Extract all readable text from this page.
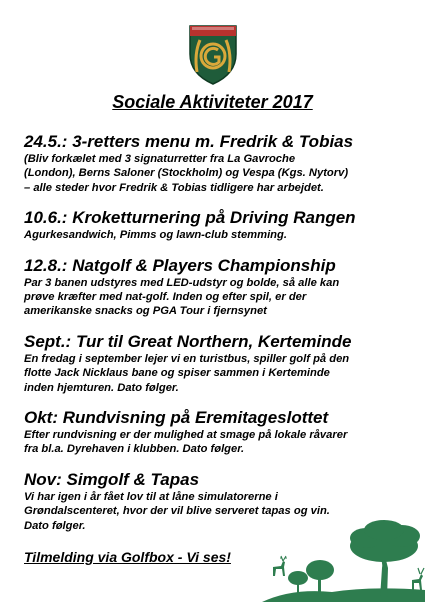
Sociale Aktiviteter 2017
24.5.: 3-retters menu m. Fredrik & Tobias
(Bliv forkælet med 3 signaturretter fra La Gavroche
(London), Berns Saloner (Stockholm) og Vespa (Kgs. Nytorv)
– alle steder hvor Fredrik & Tobias tidligere har arbejdet.
10.6.: Kroketturnering på Driving Rangen
Agurkesandwich, Pimms og lawn-club stemming.
12.8.: Natgolf & Players Championship
Par 3 banen udstyres med LED-udstyr og bolde, så alle kan
prøve kræfter med nat-golf. Inden og efter spil, er der
amerikanske snacks og PGA Tour i fjernsynet
Sept.: Tur til Great Northern, Kerteminde
En fredag i september lejer vi en turistbus, spiller golf på den
flotte Jack Nicklaus bane og spiser sammen i Kerteminde
inden hjemturen. Dato følger.
Okt: Rundvisning på Eremitageslottet
Efter rundvisning er der mulighed at smage på lokale råvarer
fra bl.a. Dyrehaven i klubben. Dato følger.
Nov: Simgolf & Tapas
Vi har igen i år fået lov til at låne simulatorerne i
Grøndalscenteret, hvor der vil blive serveret tapas og vin.
Dato følger.
Tilmelding via Golfbox - Vi ses!
